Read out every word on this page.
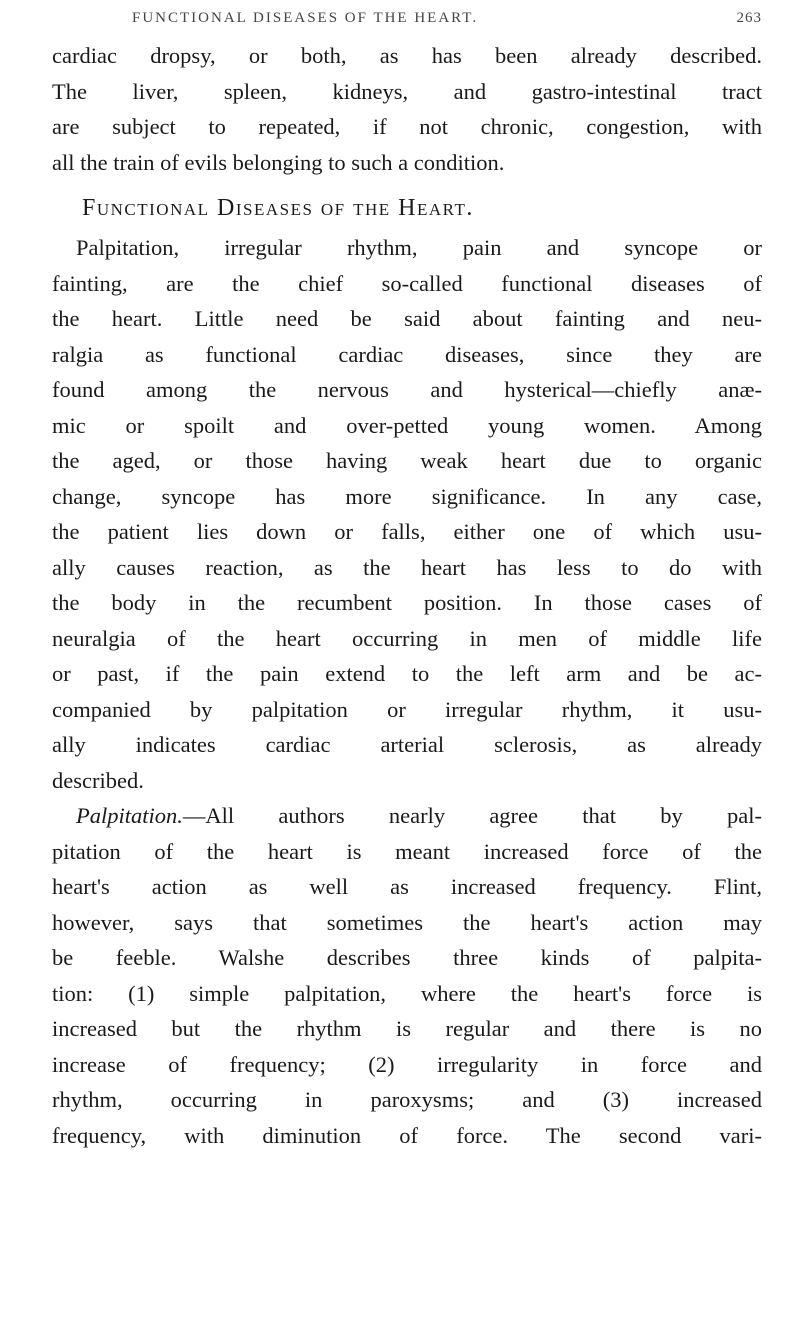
FUNCTIONAL DISEASES OF THE HEART.	263
cardiac dropsy, or both, as has been already described.
The liver, spleen, kidneys, and gastro-intestinal tract
are subject to repeated, if not chronic, congestion, with
all the train of evils belonging to such a condition.
Functional Diseases of the Heart.
Palpitation, irregular rhythm, pain and syncope or
fainting, are the chief so-called functional diseases of
the heart. Little need be said about fainting and neu-
ralgia as functional cardiac diseases, since they are
found among the nervous and hysterical—chiefly anæ-
mic or spoilt and over-petted young women. Among
the aged, or those having weak heart due to organic
change, syncope has more significance. In any case,
the patient lies down or falls, either one of which usu-
ally causes reaction, as the heart has less to do with
the body in the recumbent position. In those cases of
neuralgia of the heart occurring in men of middle life
or past, if the pain extend to the left arm and be ac-
companied by palpitation or irregular rhythm, it usu-
ally indicates cardiac arterial sclerosis, as already
described.
Palpitation.—All authors nearly agree that by pal-
pitation of the heart is meant increased force of the
heart's action as well as increased frequency. Flint,
however, says that sometimes the heart's action may
be feeble. Walshe describes three kinds of palpita-
tion: (1) simple palpitation, where the heart's force is
increased but the rhythm is regular and there is no
increase of frequency; (2) irregularity in force and
rhythm, occurring in paroxysms; and (3) increased
frequency, with diminution of force. The second vari-
